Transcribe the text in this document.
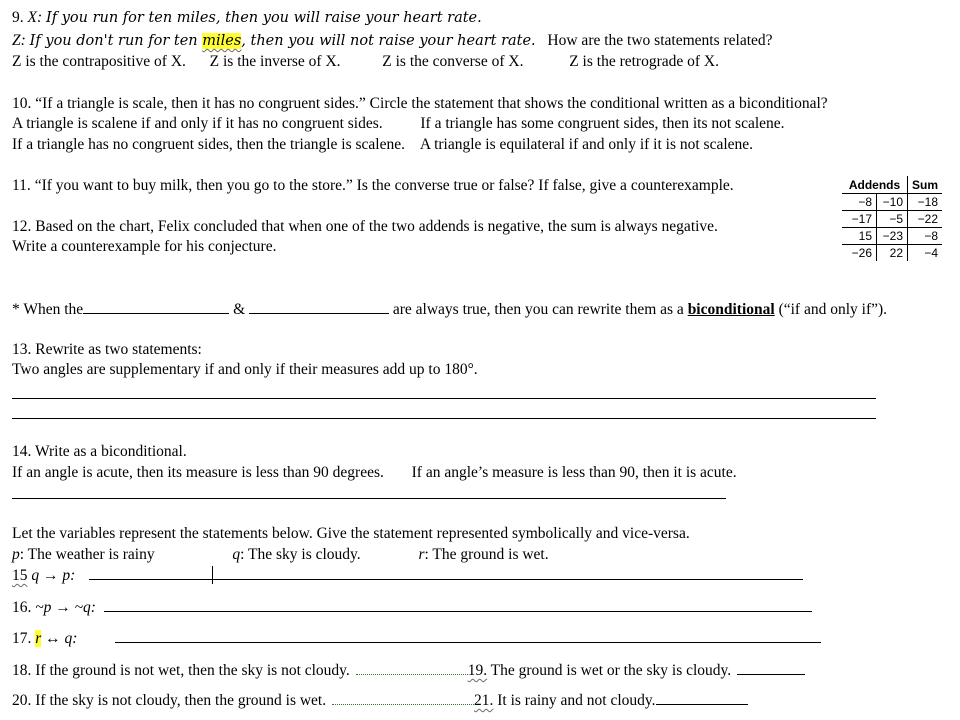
9. X: If you run for ten miles, then you will raise your heart rate.
Z: If you don't run for ten miles, then you will not raise your heart rate. How are the two statements related?
Z is the contrapositive of X. Z is the inverse of X.	Z is the converse of X.	Z is the retrograde of X.
10. “If a triangle is scale, then it has no congruent sides.” Circle the statement that shows the conditional written as a biconditional?
A triangle is scalene if and only if it has no congruent sides. If a triangle has some congruent sides, then its not scalene.
If a triangle has no congruent sides, then the triangle is scalene. A triangle is equilateral if and only if it is not scalene.
11. “If you want to buy milk, then you go to the store.” Is the converse true or false? If false, give a counterexample.
12. Based on the chart, Felix concluded that when one of the two addends is negative, the sum is always negative.
Write a counterexample for his conjecture.
Addends		Sum
−8	−10	−18
−17	−5	−22
15	−23	−8
−26	22	−4
* When the	&	are always true, then you can rewrite them as a biconditional (“if and only if”).
13. Rewrite as two statements:
Two angles are supplementary if and only if their measures add up to 180°.
14. Write as a biconditional.
If an angle is acute, then its measure is less than 90 degrees. If an angle’s measure is less than 90, then it is acute.
Let the variables represent the statements below. Give the statement represented symbolically and vice-versa.
p: The weather is rainy	q: The sky is cloudy.	r: The ground is wet.
15 q → p:
16. ~p → ~q:
17. r ↔ q:
18. If the ground is not wet, then the sky is not cloudy.	19. The ground is wet or the sky is cloudy.
20. If the sky is not cloudy, then the ground is wet.	21. It is rainy and not cloudy.
